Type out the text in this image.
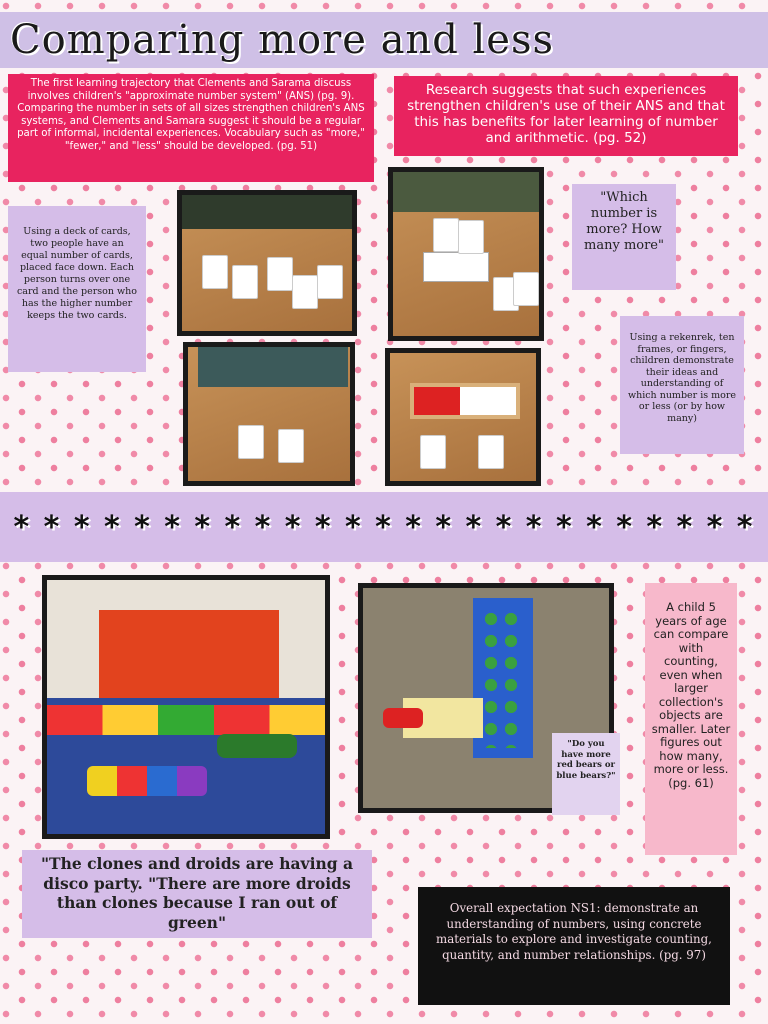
Comparing more and less
The first learning trajectory that Clements and Sarama discuss involves children's "approximate number system" (ANS) (pg. 9). Comparing the number in sets of all sizes strengthen children's ANS systems, and Clements and Samara suggest it should be a regular part of informal, incidental experiences. Vocabulary such as "more," "fewer," and "less" should be developed. (pg. 51)
Research suggests that such experiences strengthen children's use of their ANS and that this has benefits for later learning of number and arithmetic. (pg. 52)
Using a deck of cards, two people have an equal number of cards, placed face down. Each person turns over one card and the person who has the higher number keeps the two cards.
"Which number is more? How many more"
Using a rekenrek, ten frames, or fingers, children demonstrate their ideas and understanding of which number is more or less (or by how many)
* * * * * * * * * * * * * * * * * * * * * * * * *
"Do you have more red bears or blue bears?"
A child 5 years of age can compare with counting, even when larger collection's objects are smaller. Later figures out how many, more or less. (pg. 61)
"The clones and droids are having a disco party. "There are more droids than clones because I ran out of green"
Overall expectation NS1: demonstrate an understanding of numbers, using concrete materials to explore and investigate counting, quantity, and number relationships. (pg. 97)
